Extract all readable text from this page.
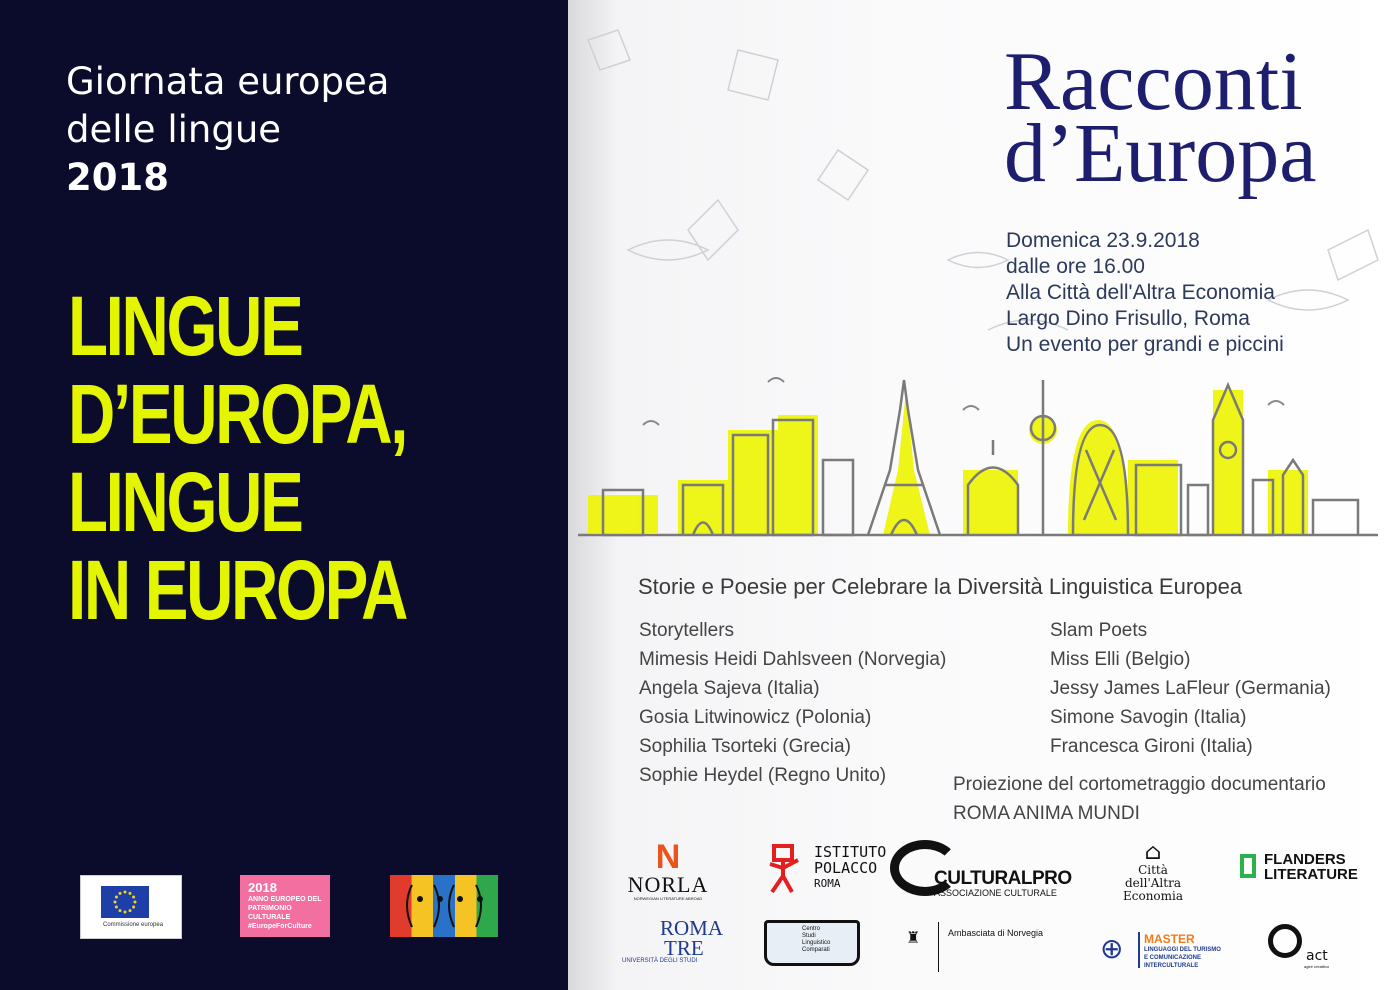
Giornata europea
delle lingue
2018
LINGUE
D’EUROPA,
LINGUE
IN EUROPA
Commissione europea
2018
ANNO EUROPEO DEL PATRIMONIO CULTURALE
#EuropeForCulture
Racconti
d’Europa
Domenica 23.9.2018
dalle ore 16.00
Alla Città dell'Altra Economia
Largo Dino Frisullo, Roma
Un evento per grandi e piccini
Storie e Poesie per Celebrare la Diversità Linguistica Europea
Storytellers
Mimesis Heidi Dahlsveen (Norvegia)
Angela Sajeva (Italia)
Gosia Litwinowicz (Polonia)
Sophilia Tsorteki (Grecia)
Sophie Heydel (Regno Unito)
Slam Poets
Miss Elli (Belgio)
Jessy James LaFleur (Germania)
Simone Savogin (Italia)
Francesca Gironi (Italia)
Proiezione del cortometraggio documentario
ROMA ANIMA MUNDI
N
NORLA
NORWEGIAN LITERATURE ABROAD
ISTITUTO
POLACCO
ROMA	CULTURALPRO
ASSOCIAZIONE CULTURALE
⌂
Città
dell'Altra
Economia
FLANDERS
LITERATURE
ROMA
TRE
UNIVERSITÀ DEGLI STUDI
Centro
Studi
Linguistico
Comparati
♜	Ambasciata di Norvegia ⊕ MASTER
LINGUAGGI DEL TURISMO
E COMUNICAZIONE
INTERCULTURALE
act
agire creattivo
